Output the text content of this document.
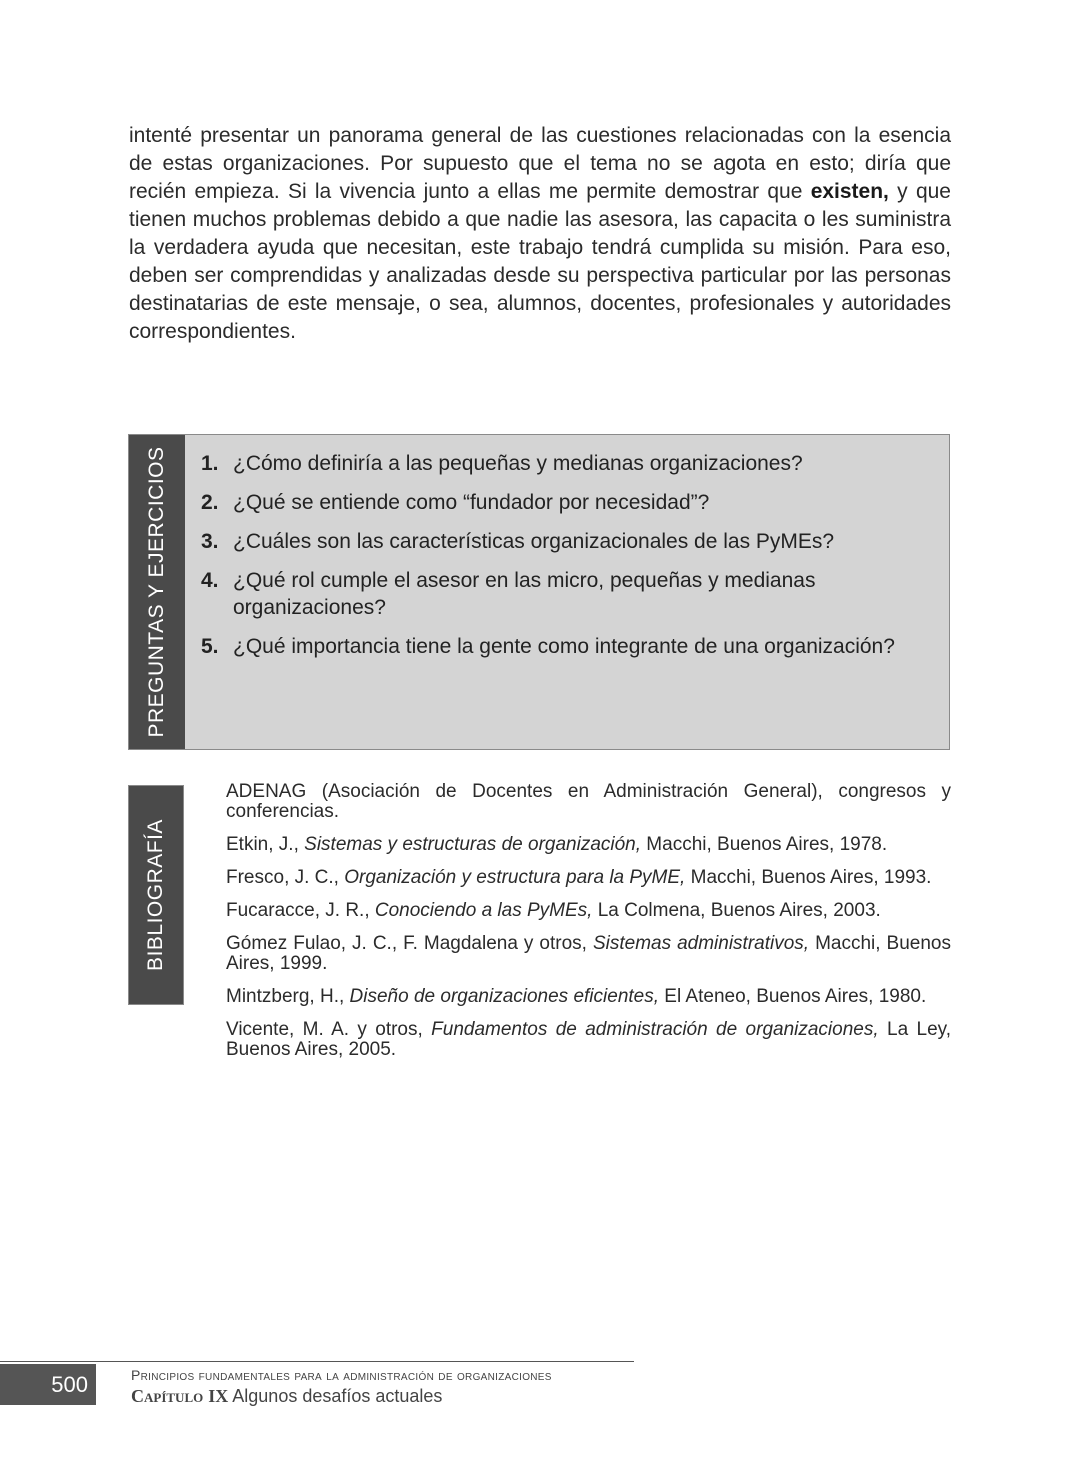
intenté presentar un panorama general de las cuestiones relacionadas con la esencia de estas organizaciones. Por supuesto que el tema no se agota en esto; diría que recién empieza. Si la vivencia junto a ellas me permite demostrar que existen, y que tienen muchos problemas debido a que nadie las asesora, las capacita o les suministra la verdadera ayuda que necesitan, este trabajo tendrá cumplida su misión. Para eso, deben ser comprendidas y analizadas desde su perspectiva particular por las personas destinatarias de este mensaje, o sea, alumnos, docentes, profesionales y autoridades correspondientes.

PREGUNTAS Y EJERCICIOS 1. ¿Cómo definiría a las pequeñas y medianas organizaciones?
2. ¿Qué se entiende como “fundador por necesidad”?
3. ¿Cuáles son las características organizacionales de las PyMEs?
4. ¿Qué rol cumple el asesor en las micro, pequeñas y medianas organizaciones?
5. ¿Qué importancia tiene la gente como integrante de una organización?
BIBLIOGRAFÍA
ADENAG (Asociación de Docentes en Administración General), congresos y conferencias.
Etkin, J., Sistemas y estructuras de organización, Macchi, Buenos Aires, 1978.
Fresco, J. C., Organización y estructura para la PyME, Macchi, Buenos Aires, 1993.
Fucaracce, J. R., Conociendo a las PyMEs, La Colmena, Buenos Aires, 2003.
Gómez Fulao, J. C., F. Magdalena y otros, Sistemas administrativos, Macchi, Buenos Aires, 1999.
Mintzberg, H., Diseño de organizaciones eficientes, El Ateneo, Buenos Aires, 1980.
Vicente, M. A. y otros, Fundamentos de administración de organizaciones, La Ley, Buenos Aires, 2005.
500	Principios fundamentales para la administración de organizaciones
Capítulo IX Algunos desafíos actuales
